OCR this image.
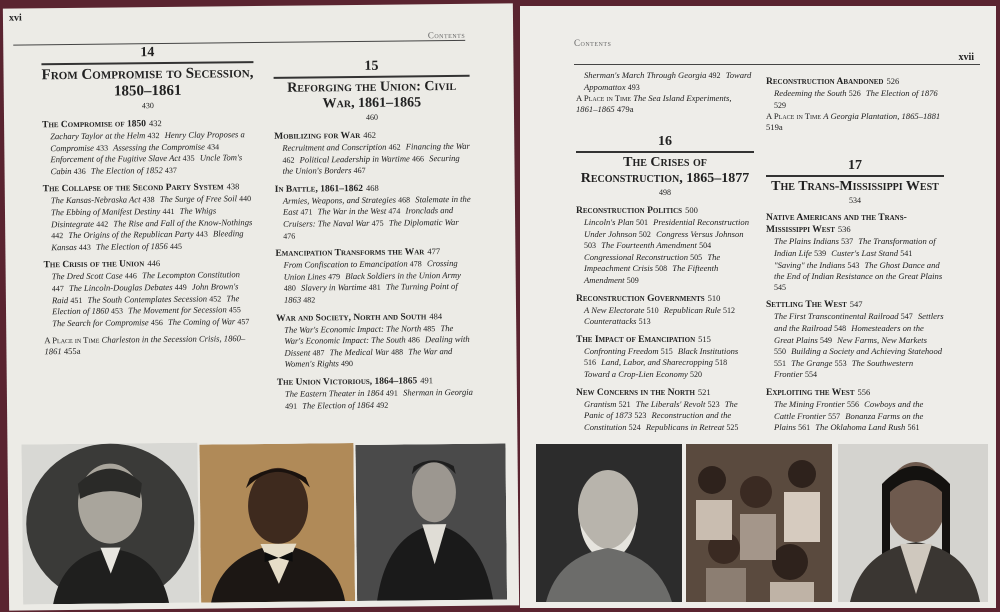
xvi
Contents
14
From Compromise to Secession, 1850–1861
430
The Compromise of 1850 432
Zachary Taylor at the Helm 432 Henry Clay Proposes a Compromise 433 Assessing the Compromise 434 Enforcement of the Fugitive Slave Act 435 Uncle Tom's Cabin 436 The Election of 1852 437
The Collapse of the Second Party System 438
The Kansas-Nebraska Act 438 The Surge of Free Soil 440 The Ebbing of Manifest Destiny 441 The Whigs Disintegrate 442 The Rise and Fall of the Know-Nothings 442 The Origins of the Republican Party 443 Bleeding Kansas 443 The Election of 1856 445
The Crisis of the Union 446
The Dred Scott Case 446 The Lecompton Constitution 447 The Lincoln-Douglas Debates 449 John Brown's Raid 451 The South Contemplates Secession 452 The Election of 1860 453 The Movement for Secession 455 The Search for Compromise 456 The Coming of War 457
A Place in Time Charleston in the Secession Crisis, 1860–1861 455a
15
Reforging the Union: Civil War, 1861–1865
460
Mobilizing for War 462
Recruitment and Conscription 462 Financing the War 462 Political Leadership in Wartime 466 Securing the Union's Borders 467
In Battle, 1861–1862 468
Armies, Weapons, and Strategies 468 Stalemate in the East 471 The War in the West 474 Ironclads and Cruisers: The Naval War 475 The Diplomatic War 476
Emancipation Transforms the War 477
From Confiscation to Emancipation 478 Crossing Union Lines 479 Black Soldiers in the Union Army 480 Slavery in Wartime 481 The Turning Point of 1863 482
War and Society, North and South 484
The War's Economic Impact: The North 485 The War's Economic Impact: The South 486 Dealing with Dissent 487 The Medical War 488 The War and Women's Rights 490
The Union Victorious, 1864–1865 491
The Eastern Theater in 1864 491 Sherman in Georgia 491 The Election of 1864 492
Contents
xvii
Sherman's March Through Georgia 492 Toward Appomattox 493
A Place in Time The Sea Island Experiments, 1861–1865 479a
16
The Crises of Reconstruction, 1865–1877
498
Reconstruction Politics 500
Lincoln's Plan 501 Presidential Reconstruction Under Johnson 502 Congress Versus Johnson 503 The Fourteenth Amendment 504 Congressional Reconstruction 505 The Impeachment Crisis 508 The Fifteenth Amendment 509
Reconstruction Governments 510
A New Electorate 510 Republican Rule 512 Counterattacks 513
The Impact of Emancipation 515
Confronting Freedom 515 Black Institutions 516 Land, Labor, and Sharecropping 518 Toward a Crop-Lien Economy 520
New Concerns in the North 521
Grantism 521 The Liberals' Revolt 523 The Panic of 1873 523 Reconstruction and the Constitution 524 Republicans in Retreat 525
Reconstruction Abandoned 526
Redeeming the South 526 The Election of 1876 529
A Place in Time A Georgia Plantation, 1865–1881 519a
17
The Trans-Mississippi West
534
Native Americans and the Trans-Mississippi West 536
The Plains Indians 537 The Transformation of Indian Life 539 Custer's Last Stand 541 "Saving" the Indians 543 The Ghost Dance and the End of Indian Resistance on the Great Plains 545
Settling The West 547
The First Transcontinental Railroad 547 Settlers and the Railroad 548 Homesteaders on the Great Plains 549 New Farms, New Markets 550 Building a Society and Achieving Statehood 551 The Grange 553 The Southwestern Frontier 554
Exploiting the West 556
The Mining Frontier 556 Cowboys and the Cattle Frontier 557 Bonanza Farms on the Plains 561 The Oklahoma Land Rush 561
